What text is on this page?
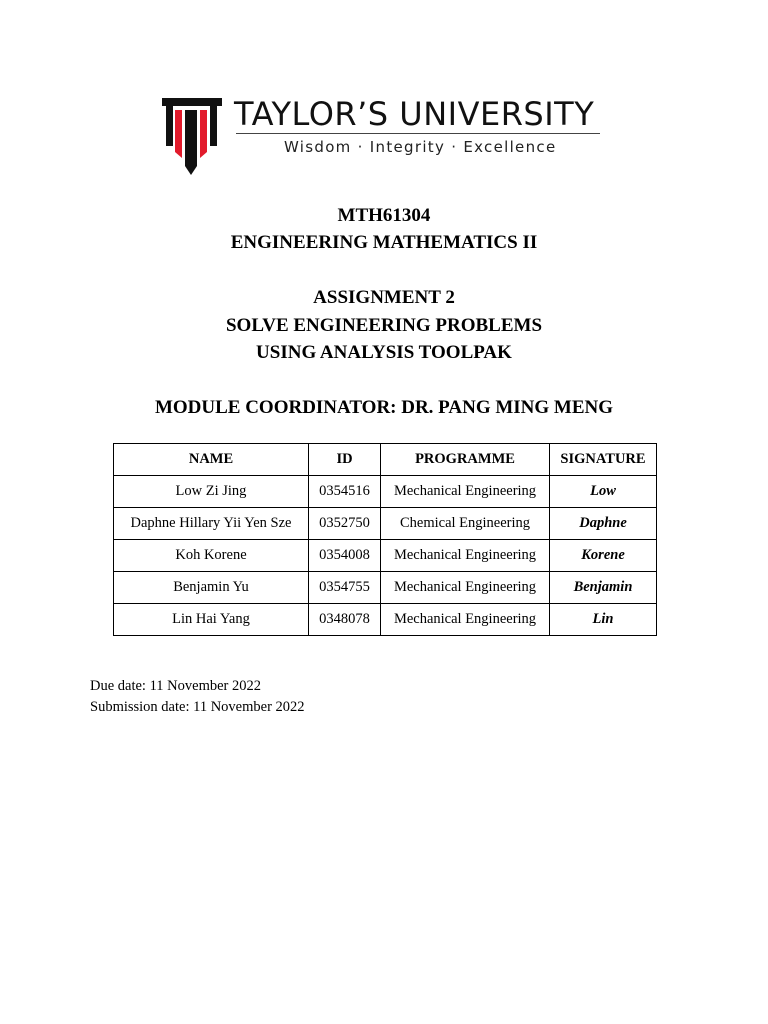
TAYLOR’S UNIVERSITY
Wisdom · Integrity · Excellence
MTH61304
ENGINEERING MATHEMATICS II
ASSIGNMENT 2
SOLVE ENGINEERING PROBLEMS
USING ANALYSIS TOOLPAK
MODULE COORDINATOR: DR. PANG MING MENG
NAME	ID	PROGRAMME	SIGNATURE
Low Zi Jing	0354516	Mechanical Engineering	Low
Daphne Hillary Yii Yen Sze	0352750	Chemical Engineering	Daphne
Koh Korene	0354008	Mechanical Engineering	Korene
Benjamin Yu	0354755	Mechanical Engineering	Benjamin
Lin Hai Yang	0348078	Mechanical Engineering	Lin
Due date: 11 November 2022
Submission date: 11 November 2022
